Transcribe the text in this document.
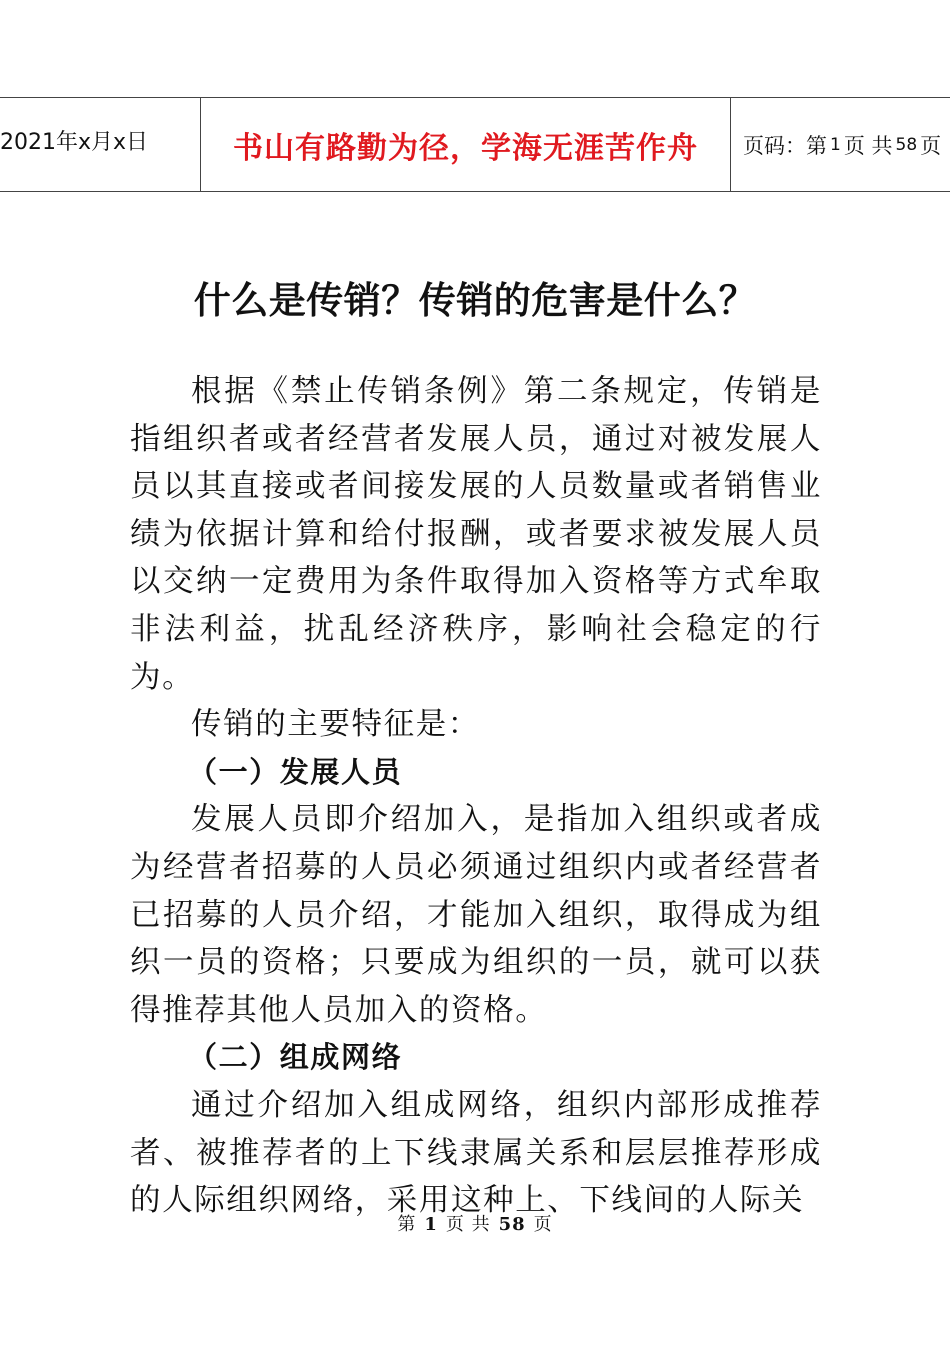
2021年x月x日	书山有路勤为径，学海无涯苦作舟	页码：第 1 页 共 58 页
什么是传销？传销的危害是什么？

根据《禁止传销条例》第二条规定，传销是指组织者或者经营者发展人员，通过对被发展人员以其直接或者间接发展的人员数量或者销售业绩为依据计算和给付报酬，或者要求被发展人员以交纳一定费用为条件取得加入资格等方式牟取非法利益，扰乱经济秩序，影响社会稳定的行为。

传销的主要特征是：

（一）发展人员

发展人员即介绍加入，是指加入组织或者成为经营者招募的人员必须通过组织内或者经营者已招募的人员介绍，才能加入组织，取得成为组织一员的资格；只要成为组织的一员，就可以获得推荐其他人员加入的资格。

（二）组成网络

通过介绍加入组成网络，组织内部形成推荐者、被推荐者的上下线隶属关系和层层推荐形成的人际组织网络，采用这种上、下线间的人际关

第 1 页 共 58 页
